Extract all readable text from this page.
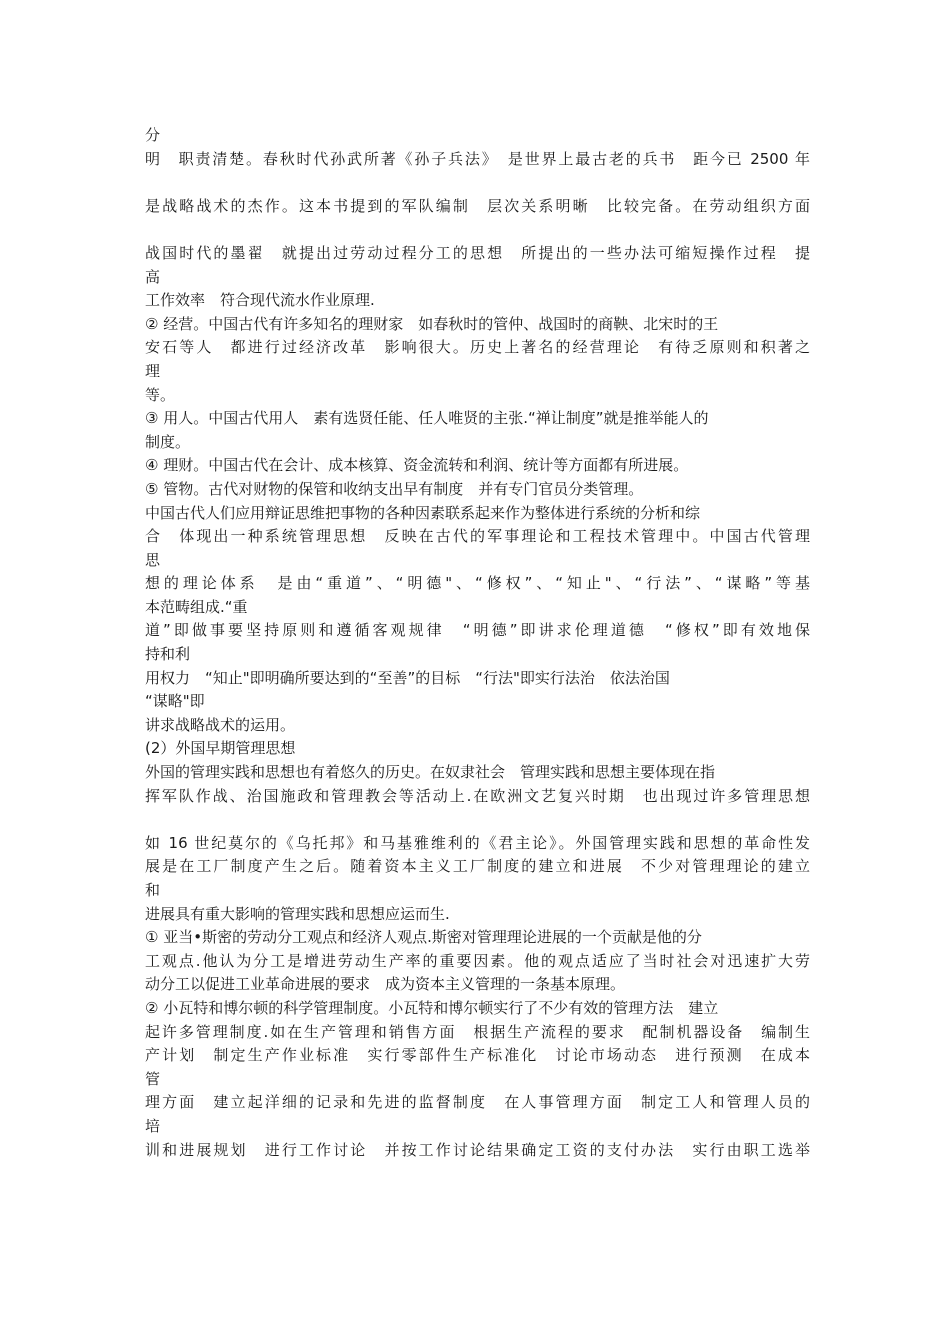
分
明　职责清楚。春秋时代孙武所著《孙子兵法》　是世界上最古老的兵书　距今已 2500 年
是战略战术的杰作。这本书提到的军队编制　层次关系明晰　比较完备。在劳动组织方面
战国时代的墨翟　就提出过劳动过程分工的思想　所提出的一些办法可缩短操作过程　提
高
工作效率　符合现代流水作业原理.
② 经营。中国古代有许多知名的理财家　如春秋时的管仲、战国时的商鞅、北宋时的王
安石等人　都进行过经济改革　影响很大。历史上著名的经营理论　有待乏原则和积著之
理
等。
③ 用人。中国古代用人　素有选贤任能、任人唯贤的主张.“禅让制度”就是推举能人的
制度。
④ 理财。中国古代在会计、成本核算、资金流转和利润、统计等方面都有所进展。
⑤ 管物。古代对财物的保管和收纳支出早有制度　并有专门官员分类管理。
中国古代人们应用辩证思维把事物的各种因素联系起来作为整体进行系统的分析和综
合　体现出一种系统管理思想　反映在古代的军事理论和工程技术管理中。中国古代管理
思
想的理论体系　是由“重道”、“明德"、“修权”、“知止"、“行法”、“谋略”等基
本范畴组成.“重
道”即做事要坚持原则和遵循客观规律　“明德”即讲求伦理道德　“修权”即有效地保
持和利
用权力　“知止"即明确所要达到的“至善”的目标　“行法"即实行法治　依法治国
“谋略"即
讲求战略战术的运用。
(2）外国早期管理思想
外国的管理实践和思想也有着悠久的历史。在奴隶社会　管理实践和思想主要体现在指
挥军队作战、治国施政和管理教会等活动上.在欧洲文艺复兴时期　也出现过许多管理思想
如 16 世纪莫尔的《乌托邦》和马基雅维利的《君主论》。外国管理实践和思想的革命性发
展是在工厂制度产生之后。随着资本主义工厂制度的建立和进展　不少对管理理论的建立
和
进展具有重大影响的管理实践和思想应运而生.
① 亚当•斯密的劳动分工观点和经济人观点.斯密对管理理论进展的一个贡献是他的分
工观点.他认为分工是增进劳动生产率的重要因素。他的观点适应了当时社会对迅速扩大劳
动分工以促进工业革命进展的要求　成为资本主义管理的一条基本原理。
② 小瓦特和博尔顿的科学管理制度。小瓦特和博尔顿实行了不少有效的管理方法　建立
起许多管理制度.如在生产管理和销售方面　根据生产流程的要求　配制机器设备　编制生
产计划　制定生产作业标准　实行零部件生产标准化　讨论市场动态　进行预测　在成本
管
理方面　建立起洋细的记录和先进的监督制度　在人事管理方面　制定工人和管理人员的
培
训和进展规划　进行工作讨论　并按工作讨论结果确定工资的支付办法　实行由职工选举
